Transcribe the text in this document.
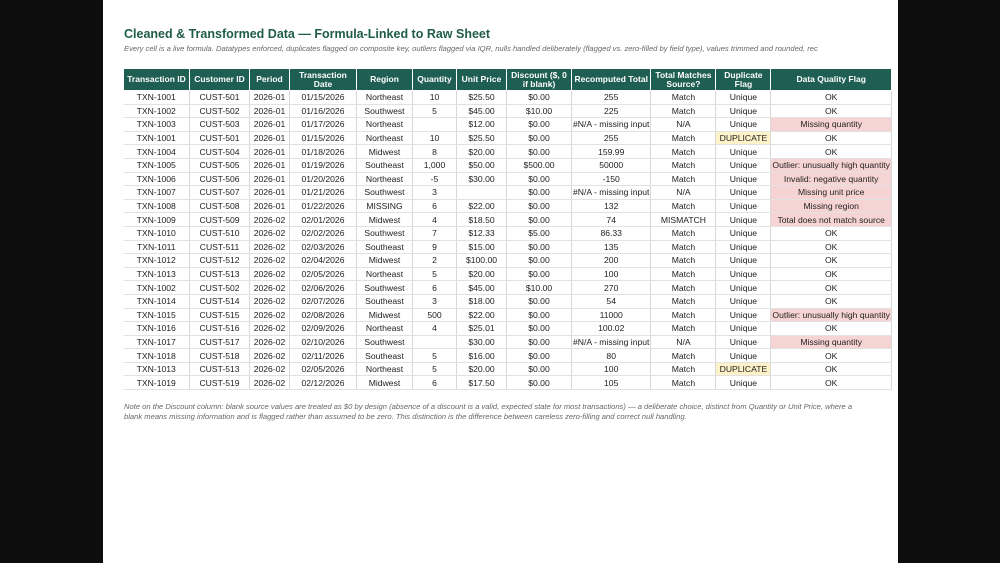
Cleaned & Transformed Data — Formula-Linked to Raw Sheet
Every cell is a live formula. Datatypes enforced, duplicates flagged on composite key, outliers flagged via IQR, nulls handled deliberately (flagged vs. zero-filled by field type), values trimmed and rounded, rec
Transaction ID	Customer ID	Period	Transaction Date	Region	Quantity	Unit Price	Discount ($, 0 if blank)	Recomputed Total	Total Matches Source?	Duplicate Flag	Data Quality Flag
TXN-1001	CUST-501	2026-01	01/15/2026	Northeast	10	$25.50	$0.00	255	Match	Unique	OK
TXN-1002	CUST-502	2026-01	01/16/2026	Southwest	5	$45.00	$10.00	225	Match	Unique	OK
TXN-1003	CUST-503	2026-01	01/17/2026	Northeast		$12.00	$0.00	#N/A - missing input	N/A	Unique	Missing quantity
TXN-1001	CUST-501	2026-01	01/15/2026	Northeast	10	$25.50	$0.00	255	Match	DUPLICATE	OK
TXN-1004	CUST-504	2026-01	01/18/2026	Midwest	8	$20.00	$0.00	159.99	Match	Unique	OK
TXN-1005	CUST-505	2026-01	01/19/2026	Southeast	1,000	$50.00	$500.00	50000	Match	Unique	Outlier: unusually high quantity
TXN-1006	CUST-506	2026-01	01/20/2026	Northeast	-5	$30.00	$0.00	-150	Match	Unique	Invalid: negative quantity
TXN-1007	CUST-507	2026-01	01/21/2026	Southwest	3		$0.00	#N/A - missing input	N/A	Unique	Missing unit price
TXN-1008	CUST-508	2026-01	01/22/2026	MISSING	6	$22.00	$0.00	132	Match	Unique	Missing region
TXN-1009	CUST-509	2026-02	02/01/2026	Midwest	4	$18.50	$0.00	74	MISMATCH	Unique	Total does not match source
TXN-1010	CUST-510	2026-02	02/02/2026	Southwest	7	$12.33	$5.00	86.33	Match	Unique	OK
TXN-1011	CUST-511	2026-02	02/03/2026	Southeast	9	$15.00	$0.00	135	Match	Unique	OK
TXN-1012	CUST-512	2026-02	02/04/2026	Midwest	2	$100.00	$0.00	200	Match	Unique	OK
TXN-1013	CUST-513	2026-02	02/05/2026	Northeast	5	$20.00	$0.00	100	Match	Unique	OK
TXN-1002	CUST-502	2026-02	02/06/2026	Southwest	6	$45.00	$10.00	270	Match	Unique	OK
TXN-1014	CUST-514	2026-02	02/07/2026	Southeast	3	$18.00	$0.00	54	Match	Unique	OK
TXN-1015	CUST-515	2026-02	02/08/2026	Midwest	500	$22.00	$0.00	11000	Match	Unique	Outlier: unusually high quantity
TXN-1016	CUST-516	2026-02	02/09/2026	Northeast	4	$25.01	$0.00	100.02	Match	Unique	OK
TXN-1017	CUST-517	2026-02	02/10/2026	Southwest		$30.00	$0.00	#N/A - missing input	N/A	Unique	Missing quantity
TXN-1018	CUST-518	2026-02	02/11/2026	Southeast	5	$16.00	$0.00	80	Match	Unique	OK
TXN-1013	CUST-513	2026-02	02/05/2026	Northeast	5	$20.00	$0.00	100	Match	DUPLICATE	OK
TXN-1019	CUST-519	2026-02	02/12/2026	Midwest	6	$17.50	$0.00	105	Match	Unique	OK
Note on the Discount column: blank source values are treated as $0 by design (absence of a discount is a valid, expected state for most transactions) — a deliberate choice, distinct from Quantity or Unit Price, where a blank means missing information and is flagged rather than assumed to be zero. This distinction is the difference between careless zero-filling and correct null handling.
